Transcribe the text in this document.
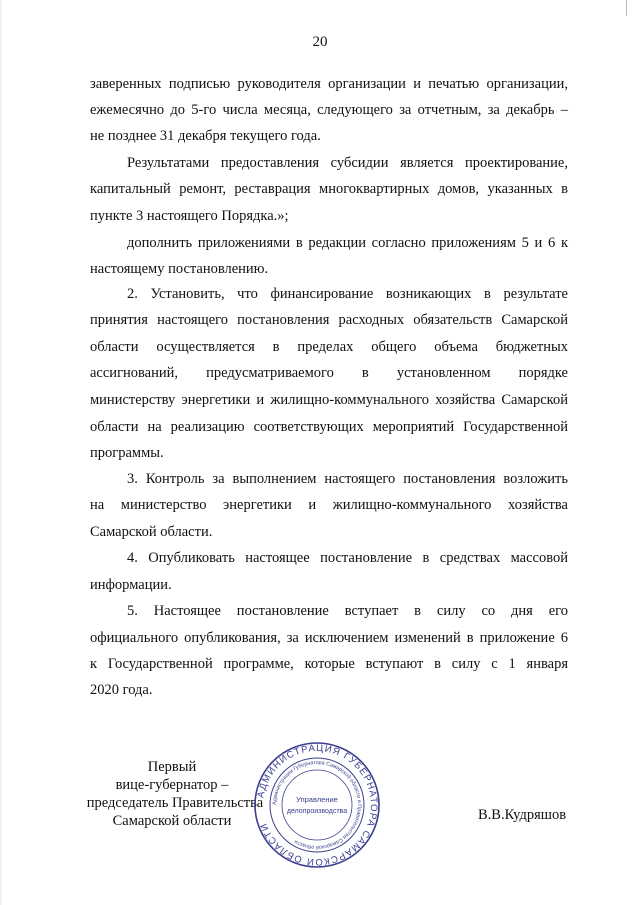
20
заверенных подписью руководителя организации и печатью организации,
ежемесячно до 5-го числа месяца, следующего за отчетным, за декабрь –
не позднее 31 декабря текущего года.
Результатами предоставления субсидии является проектирование,
капитальный ремонт, реставрация многоквартирных домов, указанных в
пункте 3 настоящего Порядка.»;
дополнить приложениями в редакции согласно приложениям 5 и 6 к
настоящему постановлению.
2. Установить, что финансирование возникающих в результате
принятия настоящего постановления расходных обязательств Самарской
области осуществляется в пределах общего объема бюджетных
ассигнований, предусматриваемого в установленном порядке
министерству энергетики и жилищно-коммунального хозяйства Самарской
области на реализацию соответствующих мероприятий Государственной
программы.
3. Контроль за выполнением настоящего постановления возложить
на министерство энергетики и жилищно-коммунального хозяйства
Самарской области.
4. Опубликовать настоящее постановление в средствах массовой
информации.
5. Настоящее постановление вступает в силу со дня его
официального опубликования, за исключением изменений в приложение 6
к Государственной программе, которые вступают в силу с 1 января
2020 года.
Первый
вице-губернатор –
председатель Правительства
Самарской области	В.В.Кудряшов
АДМИНИСТРАЦИЯ ГУБЕРНАТОРА САМАРСКОЙ ОБЛАСТИ
Администрации Губернатора Самарской области и Правительства Самарской области
Управление
делопроизводства
